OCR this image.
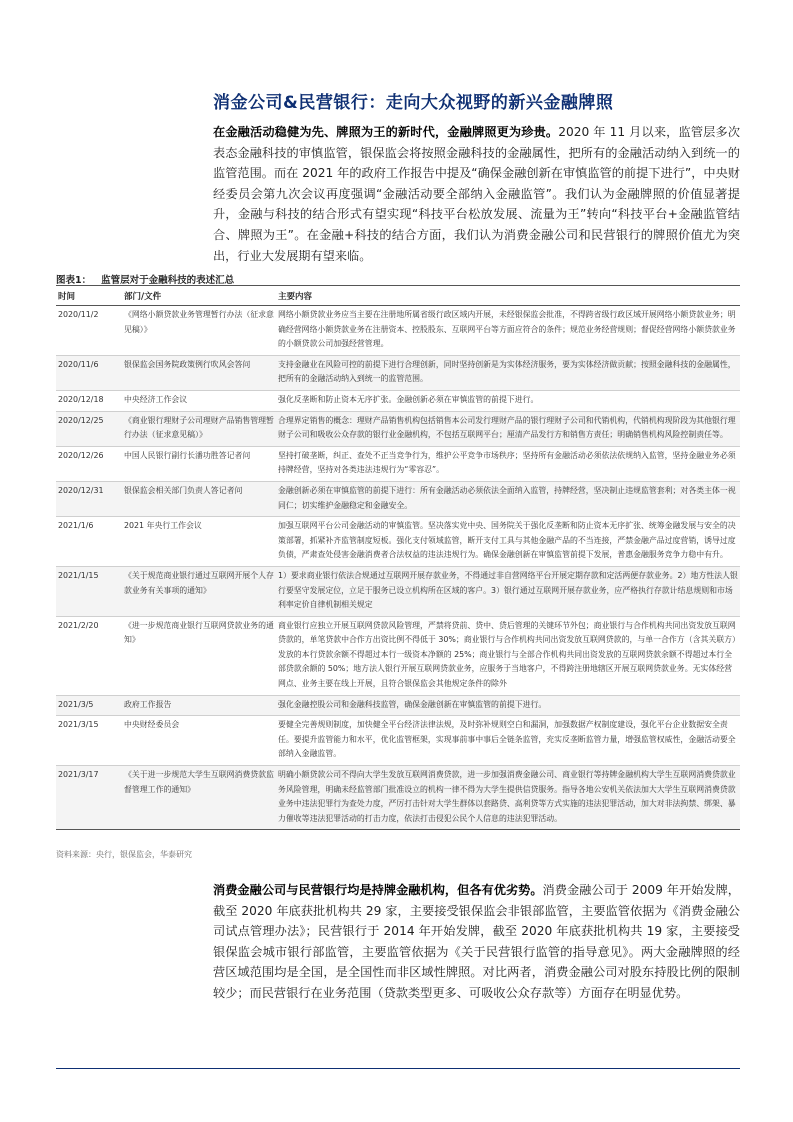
消金公司&民营银行：走向大众视野的新兴金融牌照
在金融活动稳健为先、牌照为王的新时代，金融牌照更为珍贵。2020 年 11 月以来，监管层多次表态金融科技的审慎监管，银保监会将按照金融科技的金融属性，把所有的金融活动纳入到统一的监管范围。而在 2021 年的政府工作报告中提及“确保金融创新在审慎监管的前提下进行”，中央财经委员会第九次会议再度强调“金融活动要全部纳入金融监管”。我们认为金融牌照的价值显著提升，金融与科技的结合形式有望实现“科技平台松放发展、流量为王”转向“科技平台+金融监管结合、牌照为王”。在金融+科技的结合方面，我们认为消费金融公司和民营银行的牌照价值尤为突出，行业大发展期有望来临。
图表1： 监管层对于金融科技的表述汇总
时间	部门/文件	主要内容
2020/11/2	《网络小额贷款业务管理暂行办法（征求意见稿）》	网络小额贷款业务应当主要在注册地所属省级行政区域内开展，未经银保监会批准，不得跨省级行政区域开展网络小额贷款业务；明确经营网络小额贷款业务在注册资本、控股股东、互联网平台等方面应符合的条件；规范业务经营规则；督促经营网络小额贷款业务的小额贷款公司加强经营管理。
2020/11/6	银保监会国务院政策例行吹风会答问	支持金融业在风险可控的前提下进行合理创新，同时坚持创新是为实体经济服务，要为实体经济做贡献；按照金融科技的金融属性，把所有的金融活动纳入到统一的监管范围。
2020/12/18	中央经济工作会议	强化反垄断和防止资本无序扩张。金融创新必须在审慎监管的前提下进行。
2020/12/25	《商业银行理财子公司理财产品销售管理暂行办法（征求意见稿）》	合理界定销售的概念：理财产品销售机构包括销售本公司发行理财产品的银行理财子公司和代销机构，代销机构现阶段为其他银行理财子公司和吸收公众存款的银行业金融机构，不包括互联网平台；厘清产品发行方和销售方责任；明确销售机构风险控制责任等。
2020/12/26	中国人民银行副行长潘功胜答记者问	坚持打破垄断，纠正、查处不正当竞争行为，维护公平竞争市场秩序；坚持所有金融活动必须依法依规纳入监管，坚持金融业务必须持牌经营，坚持对各类违法违规行为“零容忍”。
2020/12/31	银保监会相关部门负责人答记者问	金融创新必须在审慎监管的前提下进行：所有金融活动必须依法全面纳入监管，持牌经营，坚决制止违规监管套利；对各类主体一视同仁；切实维护金融稳定和金融安全。
2021/1/6	2021 年央行工作会议	加强互联网平台公司金融活动的审慎监管。坚决落实党中央、国务院关于强化反垄断和防止资本无序扩张、统筹金融发展与安全的决策部署，抓紧补齐监管制度短板。强化支付领域监管，断开支付工具与其他金融产品的不当连接，严禁金融产品过度营销，诱导过度负债，严肃查处侵害金融消费者合法权益的违法违规行为。确保金融创新在审慎监管前提下发展，普惠金融服务竞争力稳中有升。
2021/1/15	《关于规范商业银行通过互联网开展个人存款业务有关事项的通知》	1）要求商业银行依法合规通过互联网开展存款业务，不得通过非自营网络平台开展定期存款和定活两便存款业务。2）地方性法人银行要坚守发展定位，立足于服务已设立机构所在区域的客户。3）银行通过互联网开展存款业务，应严格执行存款计结息规则和市场利率定价自律机制相关规定
2021/2/20	《进一步规范商业银行互联网贷款业务的通知》	商业银行应独立开展互联网贷款风险管理，严禁将贷前、贷中、贷后管理的关键环节外包；商业银行与合作机构共同出资发放互联网贷款的，单笔贷款中合作方出资比例不得低于 30%；商业银行与合作机构共同出资发放互联网贷款的，与单一合作方（含其关联方）发放的本行贷款余额不得超过本行一级资本净额的 25%；商业银行与全部合作机构共同出资发放的互联网贷款余额不得超过本行全部贷款余额的 50%；地方法人银行开展互联网贷款业务，应服务于当地客户，不得跨注册地辖区开展互联网贷款业务。无实体经营网点、业务主要在线上开展，且符合银保监会其他规定条件的除外
2021/3/5	政府工作报告	强化金融控股公司和金融科技监管，确保金融创新在审慎监管的前提下进行。
2021/3/15	中央财经委员会	要健全完善规则制度，加快健全平台经济法律法规，及时弥补规则空白和漏洞，加强数据产权制度建设，强化平台企业数据安全责任。要提升监管能力和水平，优化监管框架，实现事前事中事后全链条监管，充实反垄断监管力量，增强监管权威性，金融活动要全部纳入金融监管。
2021/3/17	《关于进一步规范大学生互联网消费贷款监督管理工作的通知》	明确小额贷款公司不得向大学生发放互联网消费贷款，进一步加强消费金融公司、商业银行等持牌金融机构大学生互联网消费贷款业务风险管理，明确未经监管部门批准设立的机构一律不得为大学生提供信贷服务。指导各地公安机关依法加大大学生互联网消费贷款业务中违法犯罪行为查处力度，严厉打击针对大学生群体以套路贷、高利贷等方式实施的违法犯罪活动，加大对非法拘禁、绑架、暴力催收等违法犯罪活动的打击力度，依法打击侵犯公民个人信息的违法犯罪活动。
资料来源：央行，银保监会，华泰研究
消费金融公司与民营银行均是持牌金融机构，但各有优劣势。消费金融公司于 2009 年开始发牌，截至 2020 年底获批机构共 29 家，主要接受银保监会非银部监管，主要监管依据为《消费金融公司试点管理办法》；民营银行于 2014 年开始发牌，截至 2020 年底获批机构共 19 家，主要接受银保监会城市银行部监管，主要监管依据为《关于民营银行监管的指导意见》。两大金融牌照的经营区域范围均是全国，是全国性而非区域性牌照。对比两者，消费金融公司对股东持股比例的限制较少；而民营银行在业务范围（贷款类型更多、可吸收公众存款等）方面存在明显优势。
